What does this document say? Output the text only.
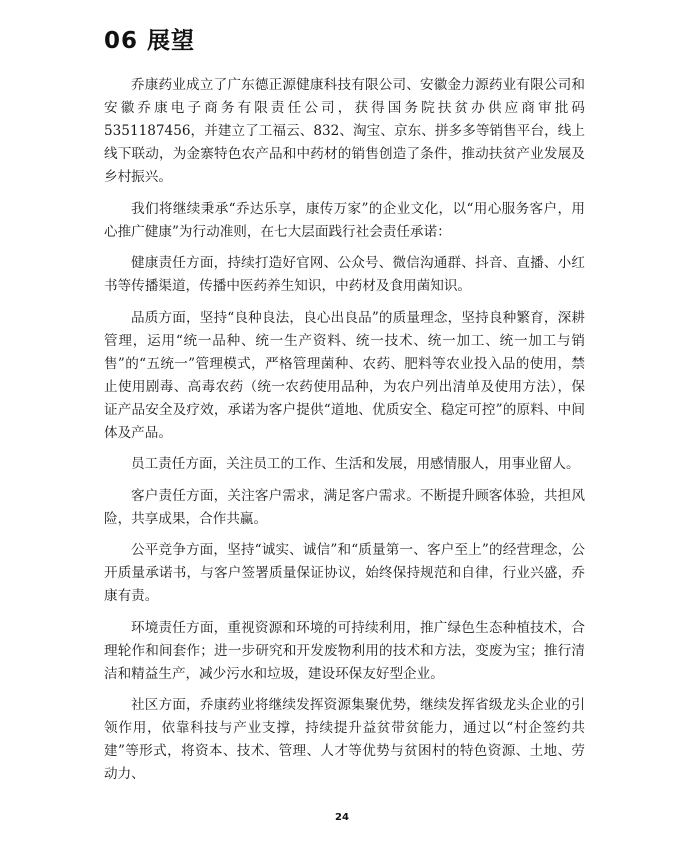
06 展望

乔康药业成立了广东德正源健康科技有限公司、安徽金力源药业有限公司和安徽乔康电子商务有限责任公司，获得国务院扶贫办供应商审批码 5351187456，并建立了工福云、832、淘宝、京东、拼多多等销售平台，线上线下联动，为金寨特色农产品和中药材的销售创造了条件，推动扶贫产业发展及乡村振兴。

我们将继续秉承“乔达乐享，康传万家”的企业文化，以“用心服务客户，用心推广健康”为行动准则，在七大层面践行社会责任承诺：

健康责任方面，持续打造好官网、公众号、微信沟通群、抖音、直播、小红书等传播渠道，传播中医药养生知识，中药材及食用菌知识。

品质方面，坚持“良种良法，良心出良品”的质量理念，坚持良种繁育，深耕管理，运用“统一品种、统一生产资料、统一技术、统一加工、统一加工与销售”的“五统一”管理模式，严格管理菌种、农药、肥料等农业投入品的使用，禁止使用剧毒、高毒农药（统一农药使用品种，为农户列出清单及使用方法），保证产品安全及疗效，承诺为客户提供“道地、优质安全、稳定可控”的原料、中间体及产品。

员工责任方面，关注员工的工作、生活和发展，用感情服人，用事业留人。

客户责任方面，关注客户需求，满足客户需求。不断提升顾客体验，共担风险，共享成果，合作共赢。

公平竞争方面，坚持“诚实、诚信”和“质量第一、客户至上”的经营理念，公开质量承诺书，与客户签署质量保证协议，始终保持规范和自律，行业兴盛，乔康有责。

环境责任方面，重视资源和环境的可持续利用，推广绿色生态种植技术，合理轮作和间套作；进一步研究和开发废物利用的技术和方法，变废为宝；推行清洁和精益生产，减少污水和垃圾，建设环保友好型企业。

社区方面，乔康药业将继续发挥资源集聚优势，继续发挥省级龙头企业的引领作用，依靠科技与产业支撑，持续提升益贫带贫能力，通过以“村企签约共建”等形式，将资本、技术、管理、人才等优势与贫困村的特色资源、土地、劳动力、

24
